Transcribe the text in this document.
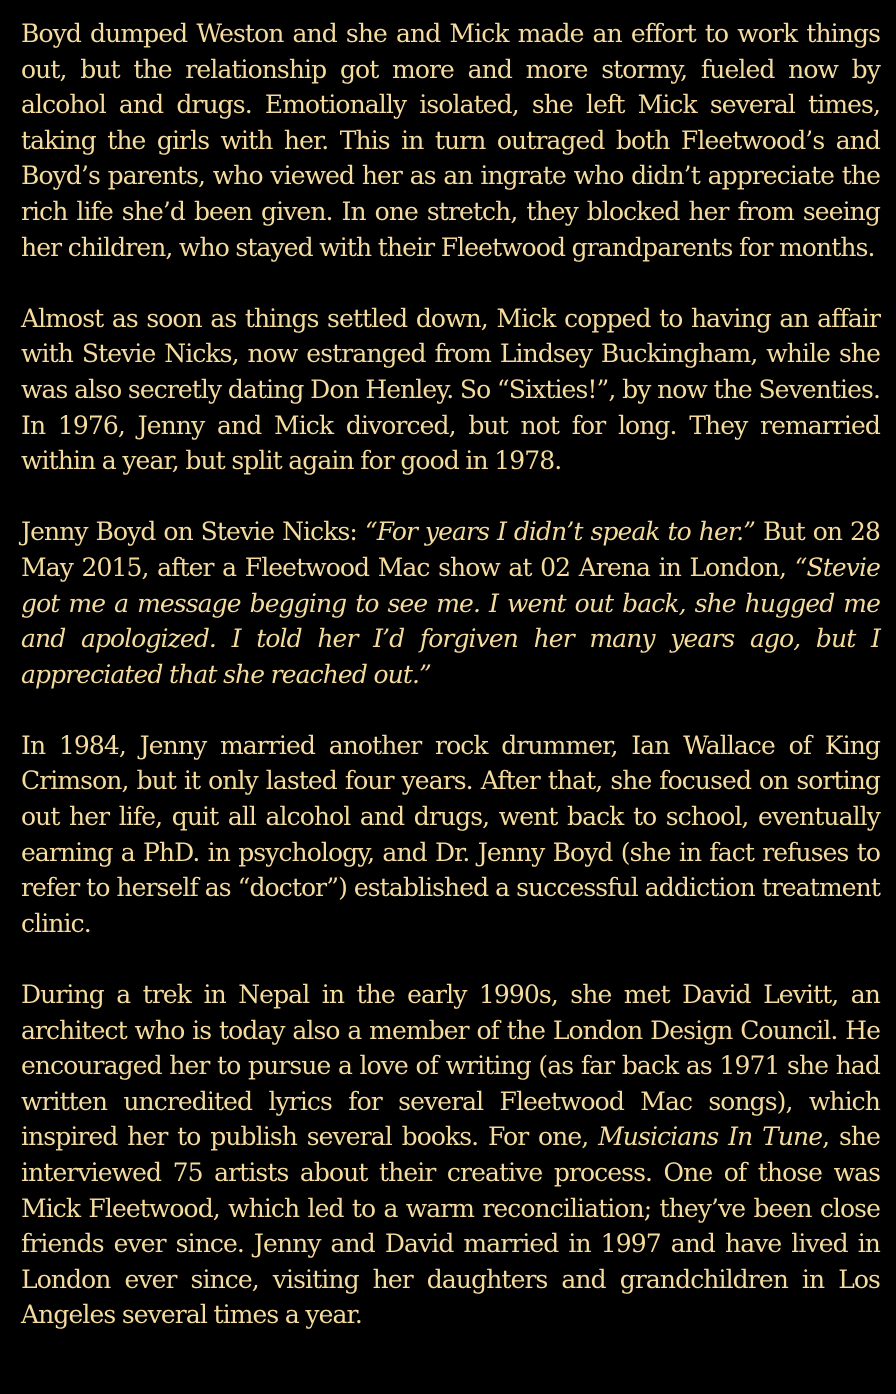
Boyd dumped Weston and she and Mick made an effort to work things out, but the relationship got more and more stormy, fueled now by alcohol and drugs. Emotionally isolated, she left Mick several times, taking the girls with her. This in turn outraged both Fleetwood’s and Boyd’s parents, who viewed her as an ingrate who didn’t appreciate the rich life she’d been given. In one stretch, they blocked her from seeing her children, who stayed with their Fleetwood grandparents for months.

Almost as soon as things settled down, Mick copped to having an affair with Stevie Nicks, now estranged from Lindsey Buckingham, while she was also secretly dating Don Henley. So “Sixties!”, by now the Seventies. In 1976, Jenny and Mick divorced, but not for long. They remarried within a year, but split again for good in 1978.

Jenny Boyd on Stevie Nicks: “For years I didn’t speak to her.” But on 28 May 2015, after a Fleetwood Mac show at 02 Arena in London, “Stevie got me a message begging to see me. I went out back, she hugged me and apologized. I told her I’d forgiven her many years ago, but I appreciated that she reached out.”

In 1984, Jenny married another rock drummer, Ian Wallace of King Crimson, but it only lasted four years. After that, she focused on sorting out her life, quit all alcohol and drugs, went back to school, eventually earning a PhD. in psychology, and Dr. Jenny Boyd (she in fact refuses to refer to herself as “doctor”) established a successful addiction treatment clinic.

During a trek in Nepal in the early 1990s, she met David Levitt, an architect who is today also a member of the London Design Council. He encouraged her to pursue a love of writing (as far back as 1971 she had written uncredited lyrics for several Fleetwood Mac songs), which inspired her to publish several books. For one, Musicians In Tune, she interviewed 75 artists about their creative process. One of those was Mick Fleetwood, which led to a warm reconciliation; they’ve been close friends ever since. Jenny and David married in 1997 and have lived in London ever since, visiting her daughters and grandchildren in Los Angeles several times a year.
